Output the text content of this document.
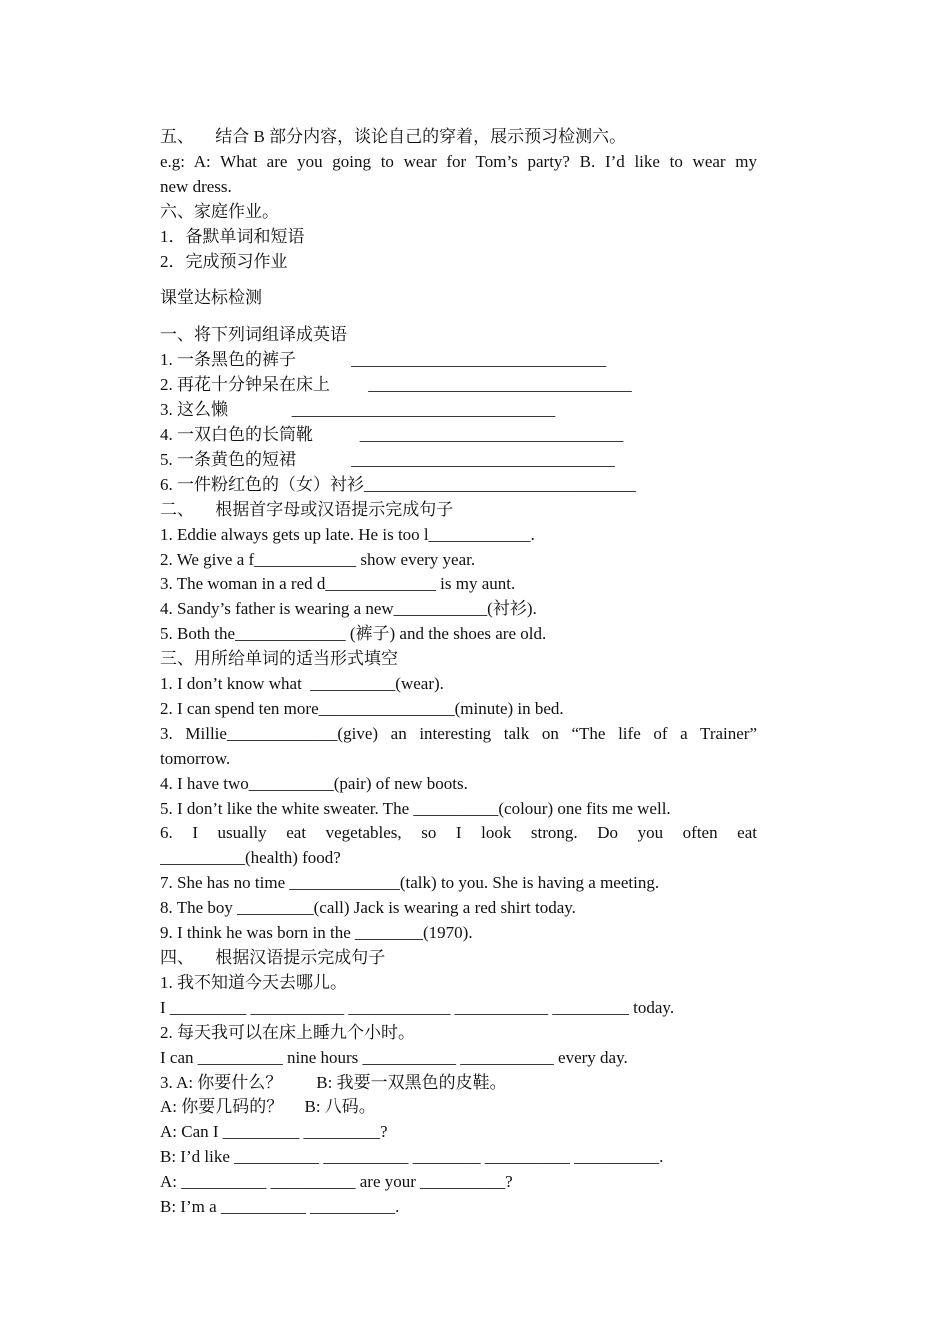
五、     结合 B 部分内容，谈论自己的穿着，展示预习检测六。
e.g: A: What are you going to wear for Tom’s party? B. I’d like to wear my
new dress.
六、家庭作业。
1．备默单词和短语
2．完成预习作业
课堂达标检测
一、将下列词组译成英语
1. 一条黑色的裤子             ______________________________
2. 再花十分钟呆在床上         _______________________________
3. 这么懒               _______________________________
4. 一双白色的长筒靴           _______________________________
5. 一条黄色的短裙             _______________________________
6. 一件粉红色的（女）衬衫________________________________
二、     根据首字母或汉语提示完成句子
1. Eddie always gets up late. He is too l____________.
2. We give a f____________ show every year.
3. The woman in a red d_____________ is my aunt.
4. Sandy’s father is wearing a new___________(衬衫).
5. Both the_____________ (裤子) and the shoes are old.
三、用所给单词的适当形式填空
1. I don’t know what  __________(wear).
2. I can spend ten more________________(minute) in bed.
3. Millie_____________(give) an interesting talk on “The life of a Trainer”
tomorrow.
4. I have two__________(pair) of new boots.
5. I don’t like the white sweater. The __________(colour) one fits me well.
6. I usually eat vegetables, so I look strong. Do you often eat
__________(health) food?
7. She has no time _____________(talk) to you. She is having a meeting.
8. The boy _________(call) Jack is wearing a red shirt today.
9. I think he was born in the ________(1970).
四、     根据汉语提示完成句子
1. 我不知道今天去哪儿。
I _________ ___________ ____________ ___________ _________ today.
2. 每天我可以在床上睡九个小时。
I can __________ nine hours ___________ ___________ every day.
3. A: 你要什么？        B: 我要一双黑色的皮鞋。
A: 你要几码的？     B: 八码。
A: Can I _________ _________?
B: I’d like __________ __________ ________ __________ __________.
A: __________ __________ are your __________?
B: I’m a __________ __________.
